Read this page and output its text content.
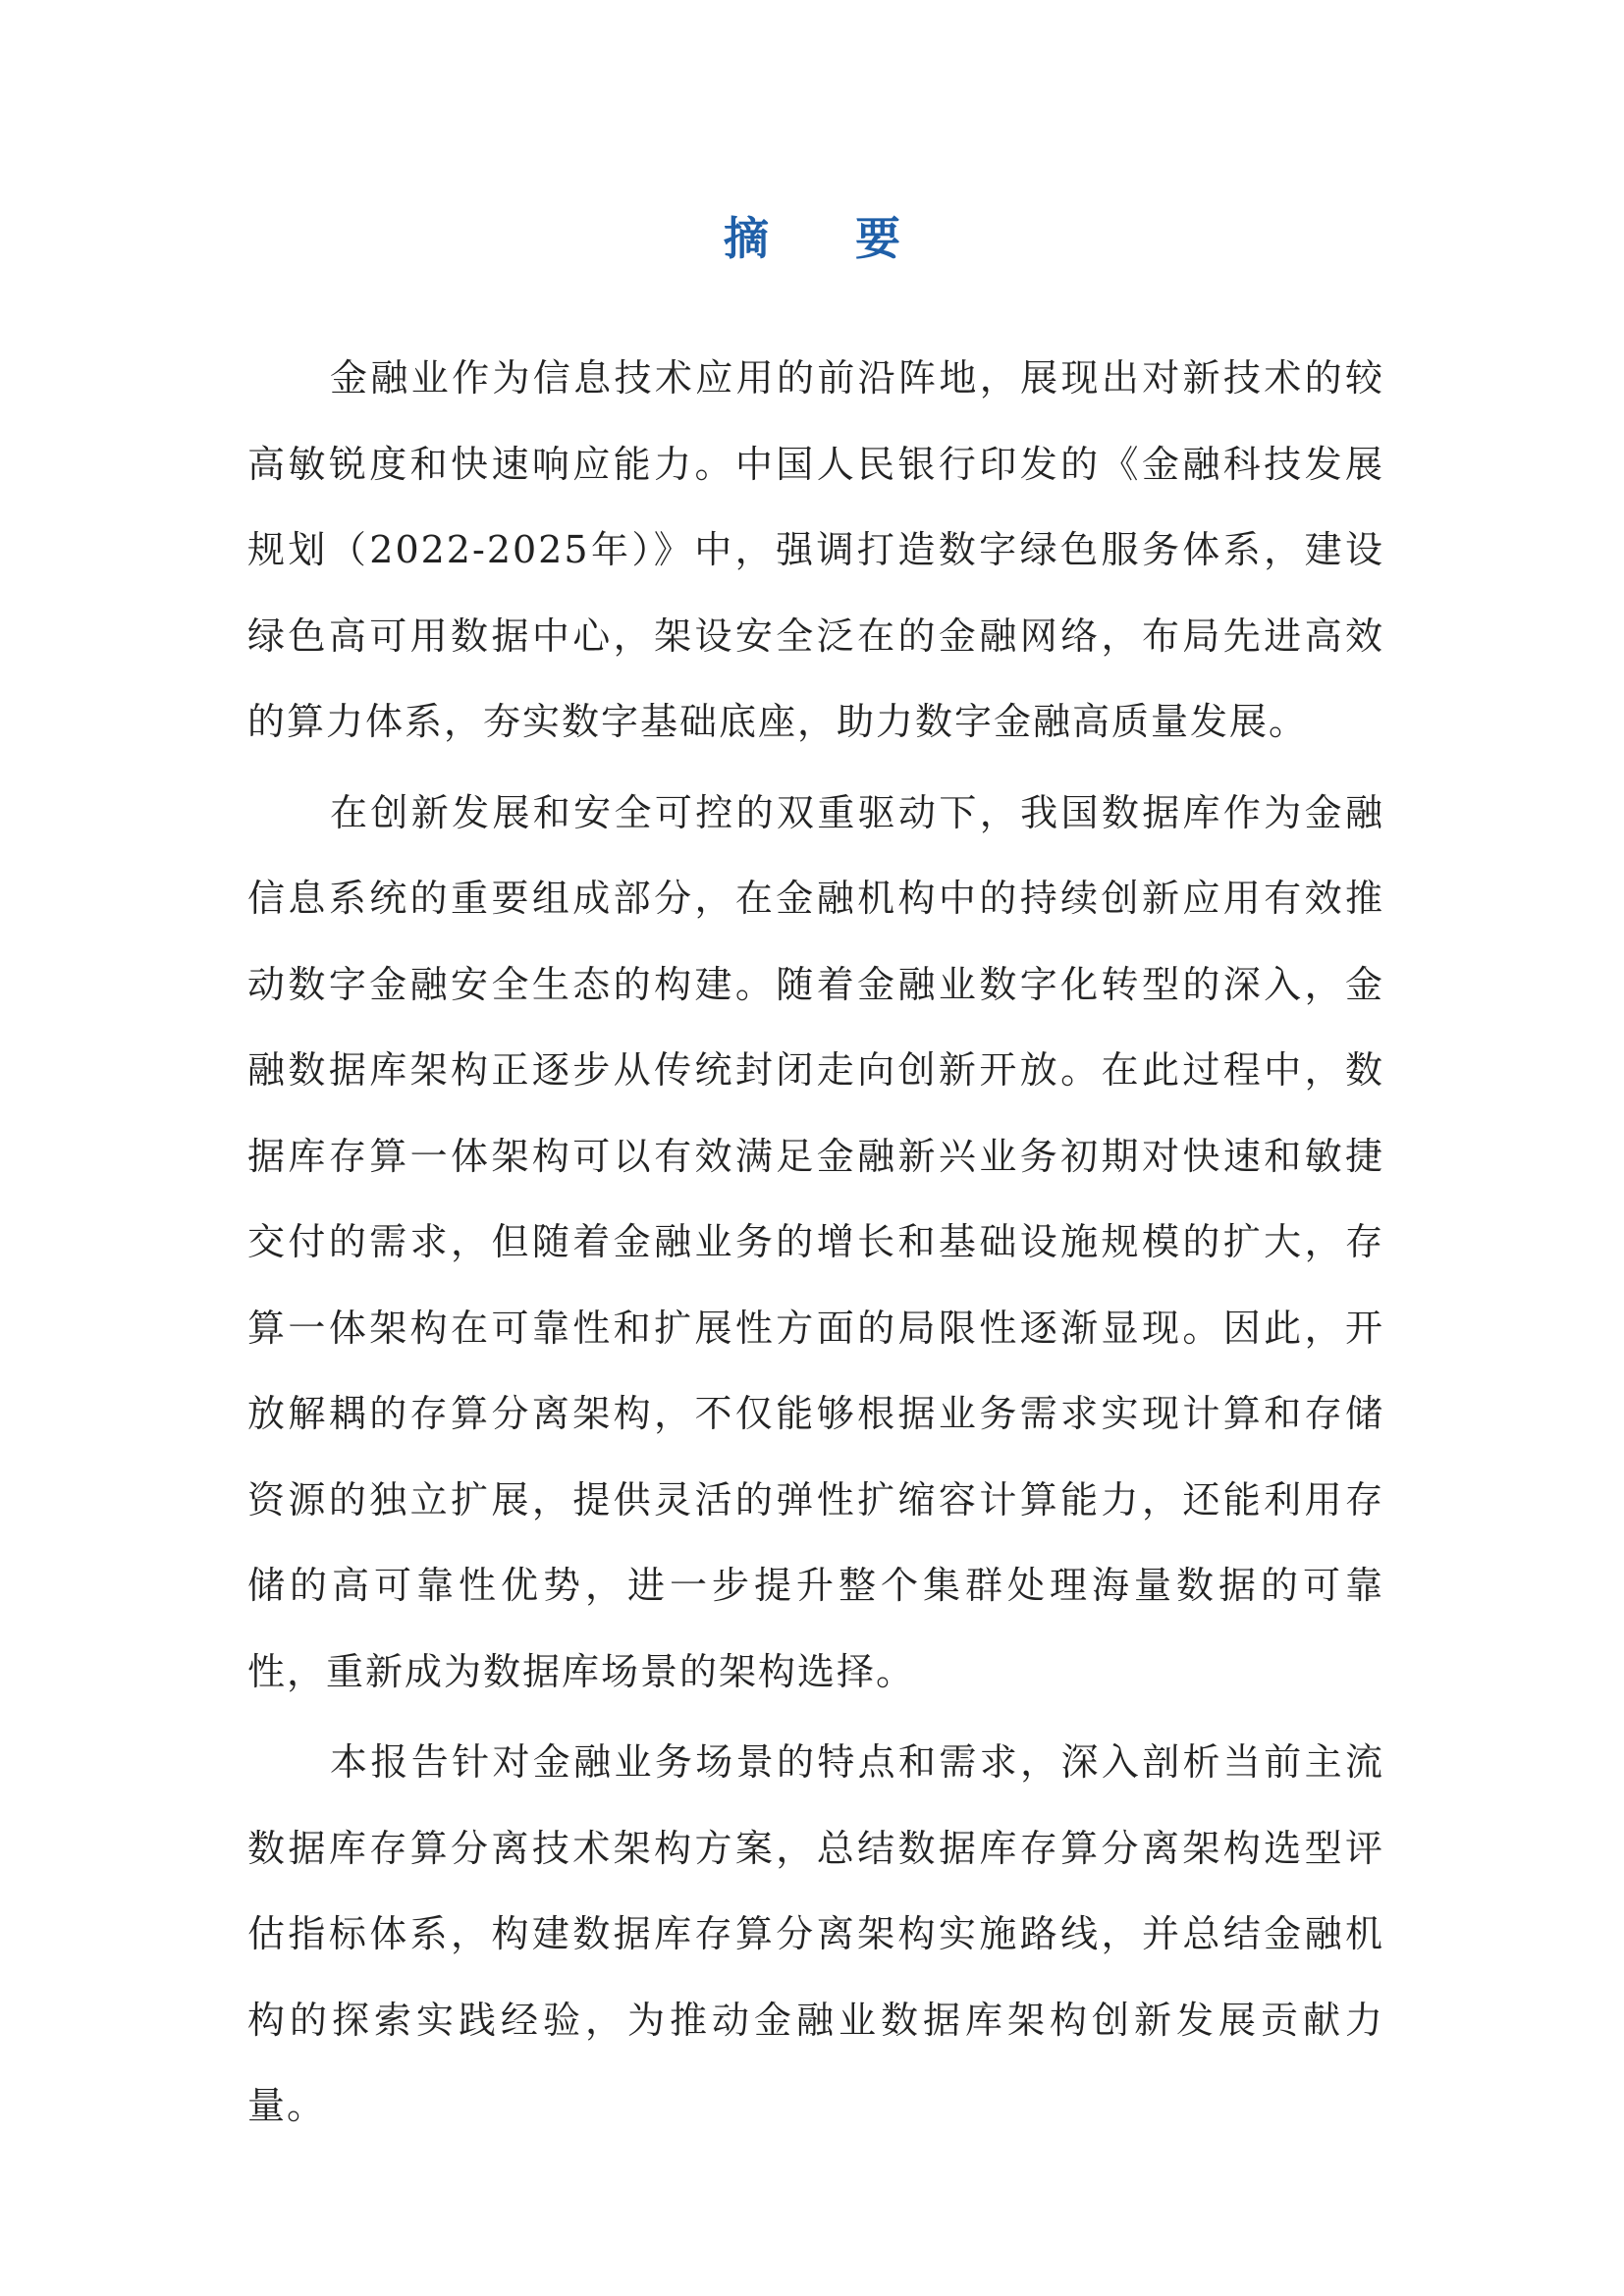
摘 要

金融业作为信息技术应用的前沿阵地，展现出对新技术的较高敏锐度和快速响应能力。中国人民银行印发的《金融科技发展规划（2022-2025年）》中，强调打造数字绿色服务体系，建设绿色高可用数据中心，架设安全泛在的金融网络，布局先进高效的算力体系，夯实数字基础底座，助力数字金融高质量发展。

在创新发展和安全可控的双重驱动下，我国数据库作为金融信息系统的重要组成部分，在金融机构中的持续创新应用有效推动数字金融安全生态的构建。随着金融业数字化转型的深入，金融数据库架构正逐步从传统封闭走向创新开放。在此过程中，数据库存算一体架构可以有效满足金融新兴业务初期对快速和敏捷交付的需求，但随着金融业务的增长和基础设施规模的扩大，存算一体架构在可靠性和扩展性方面的局限性逐渐显现。因此，开放解耦的存算分离架构，不仅能够根据业务需求实现计算和存储资源的独立扩展，提供灵活的弹性扩缩容计算能力，还能利用存储的高可靠性优势，进一步提升整个集群处理海量数据的可靠性，重新成为数据库场景的架构选择。

本报告针对金融业务场景的特点和需求，深入剖析当前主流数据库存算分离技术架构方案，总结数据库存算分离架构选型评估指标体系，构建数据库存算分离架构实施路线，并总结金融机构的探索实践经验，为推动金融业数据库架构创新发展贡献力量。
